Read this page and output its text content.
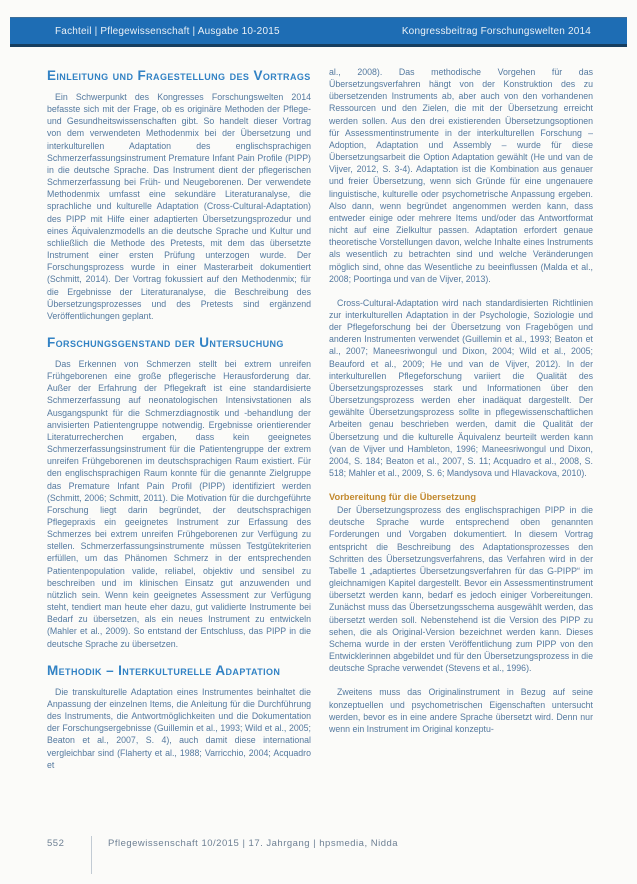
Fachteil | Pflegewissenschaft | Ausgabe 10-2015	Kongressbeitrag Forschungswelten 2014
Einleitung und Fragestellung des Vortrags

Ein Schwerpunkt des Kongresses Forschungswelten 2014 befasste sich mit der Frage, ob es originäre Methoden der Pflege- und Gesundheitswissenschaften gibt. So handelt dieser Vortrag von dem verwendeten Methodenmix bei der Übersetzung und interkulturellen Adaptation des englischsprachigen Schmerzerfassungsinstrument Premature Infant Pain Profile (PIPP) in die deutsche Sprache. Das Instrument dient der pflegerischen Schmerzerfassung bei Früh- und Neugeborenen. Der verwendete Methodenmix umfasst eine sekundäre Literaturanalyse, die sprachliche und kulturelle Adaptation (Cross-Cultural-Adaptation) des PIPP mit Hilfe einer adaptierten Übersetzungsprozedur und eines Äquivalenzmodells an die deutsche Sprache und Kultur und schließlich die Methode des Pretests, mit dem das übersetzte Instrument einer ersten Prüfung unterzogen wurde. Der Forschungsprozess wurde in einer Masterarbeit dokumentiert (Schmitt, 2014). Der Vortrag fokussiert auf den Methodenmix; für die Ergebnisse der Literaturanalyse, die Beschreibung des Übersetzungsprozesses und des Pretests sind ergänzend Veröffentlichungen geplant.

Forschungsgenstand der Untersuchung

Das Erkennen von Schmerzen stellt bei extrem unreifen Frühgeborenen eine große pflegerische Herausforderung dar. Außer der Erfahrung der Pflegekraft ist eine standardisierte Schmerzerfassung auf neonatologischen Intensivstationen als Ausgangspunkt für die Schmerzdiagnostik und -behandlung der anvisierten Patientengruppe notwendig. Ergebnisse orientierender Literaturrecherchen ergaben, dass kein geeignetes Schmerzerfassungsinstrument für die Patientengruppe der extrem unreifen Frühgeborenen im deutschsprachigen Raum existiert. Für den englischsprachigen Raum konnte für die genannte Zielgruppe das Premature Infant Pain Profil (PIPP) identifiziert werden (Schmitt, 2006; Schmitt, 2011). Die Motivation für die durchgeführte Forschung liegt darin begründet, der deutschsprachigen Pflegepraxis ein geeignetes Instrument zur Erfassung des Schmerzes bei extrem unreifen Frühgeborenen zur Verfügung zu stellen. Schmerzerfassungsinstrumente müssen Testgütekriterien erfüllen, um das Phänomen Schmerz in der entsprechenden Patientenpopulation valide, reliabel, objektiv und sensibel zu beschreiben und im klinischen Einsatz gut anzuwenden und nützlich sein. Wenn kein geeignetes Assessment zur Verfügung steht, tendiert man heute eher dazu, gut validierte Instrumente bei Bedarf zu übersetzen, als ein neues Instrument zu entwickeln (Mahler et al., 2009). So entstand der Entschluss, das PIPP in die deutsche Sprache zu übersetzen.

Methodik – Interkulturelle Adaptation

Die transkulturelle Adaptation eines Instrumentes beinhaltet die Anpassung der einzelnen Items, die Anleitung für die Durchführung des Instruments, die Antwortmöglichkeiten und die Dokumentation der Forschungsergebnisse (Guillemin et al., 1993; Wild et al., 2005; Beaton et al., 2007, S. 4), auch damit diese international vergleichbar sind (Flaherty et al., 1988; Varricchio, 2004; Acquadro et

al., 2008). Das methodische Vorgehen für das Übersetzungsverfahren hängt von der Konstruktion des zu übersetzenden Instruments ab, aber auch von den vorhandenen Ressourcen und den Zielen, die mit der Übersetzung erreicht werden sollen. Aus den drei existierenden Übersetzungsoptionen für Assessmentinstrumente in der interkulturellen Forschung – Adoption, Adaptation und Assembly – wurde für diese Übersetzungsarbeit die Option Adaptation gewählt (He und van de Vijver, 2012, S. 3-4). Adaptation ist die Kombination aus genauer und freier Übersetzung, wenn sich Gründe für eine ungenauere linguistische, kulturelle oder psychometrische Anpassung ergeben. Also dann, wenn begründet angenommen werden kann, dass entweder einige oder mehrere Items und/oder das Antwortformat nicht auf eine Zielkultur passen. Adaptation erfordert genaue theoretische Vorstellungen davon, welche Inhalte eines Instruments als wesentlich zu betrachten sind und welche Veränderungen möglich sind, ohne das Wesentliche zu beeinflussen (Malda et al., 2008; Poortinga und van de Vijver, 2013).

Cross-Cultural-Adaptation wird nach standardisierten Richtlinien zur interkulturellen Adaptation in der Psychologie, Soziologie und der Pflegeforschung bei der Übersetzung von Fragebögen und anderen Instrumenten verwendet (Guillemin et al., 1993; Beaton et al., 2007; Maneesriwongul und Dixon, 2004; Wild et al., 2005; Beauford et al., 2009; He und van de Vijver, 2012). In der interkulturellen Pflegeforschung variiert die Qualität des Übersetzungsprozesses stark und Informationen über den Übersetzungsprozess werden eher inadäquat dargestellt. Der gewählte Übersetzungsprozess sollte in pflegewissenschaftlichen Arbeiten genau beschrieben werden, damit die Qualität der Übersetzung und die kulturelle Äquivalenz beurteilt werden kann (van de Vijver und Hambleton, 1996; Maneesriwongul und Dixon, 2004, S. 184; Beaton et al., 2007, S. 11; Acquadro et al., 2008, S. 518; Mahler et al., 2009, S. 6; Mandysova und Hlavackova, 2010).

Vorbereitung für die Übersetzung

Der Übersetzungsprozess des englischsprachigen PIPP in die deutsche Sprache wurde entsprechend oben genannten Forderungen und Vorgaben dokumentiert. In diesem Vortrag entspricht die Beschreibung des Adaptationsprozesses den Schritten des Übersetzungsverfahrens, das Verfahren wird in der Tabelle 1 „adaptiertes Übersetzungsverfahren für das G-PIPP“ im gleichnamigen Kapitel dargestellt. Bevor ein Assessmentinstrument übersetzt werden kann, bedarf es jedoch einiger Vorbereitungen. Zunächst muss das Übersetzungsschema ausgewählt werden, das übersetzt werden soll. Nebenstehend ist die Version des PIPP zu sehen, die als Original-Version bezeichnet werden kann. Dieses Schema wurde in der ersten Veröffentlichung zum PIPP von den Entwicklerinnen abgebildet und für den Übersetzungsprozess in die deutsche Sprache verwendet (Stevens et al., 1996).

Zweitens muss das Originalinstrument in Bezug auf seine konzeptuellen und psychometrischen Eigenschaften untersucht werden, bevor es in eine andere Sprache übersetzt wird. Denn nur wenn ein Instrument im Original konzeptu-

552	Pflegewissenschaft 10/2015 | 17. Jahrgang | hpsmedia, Nidda
